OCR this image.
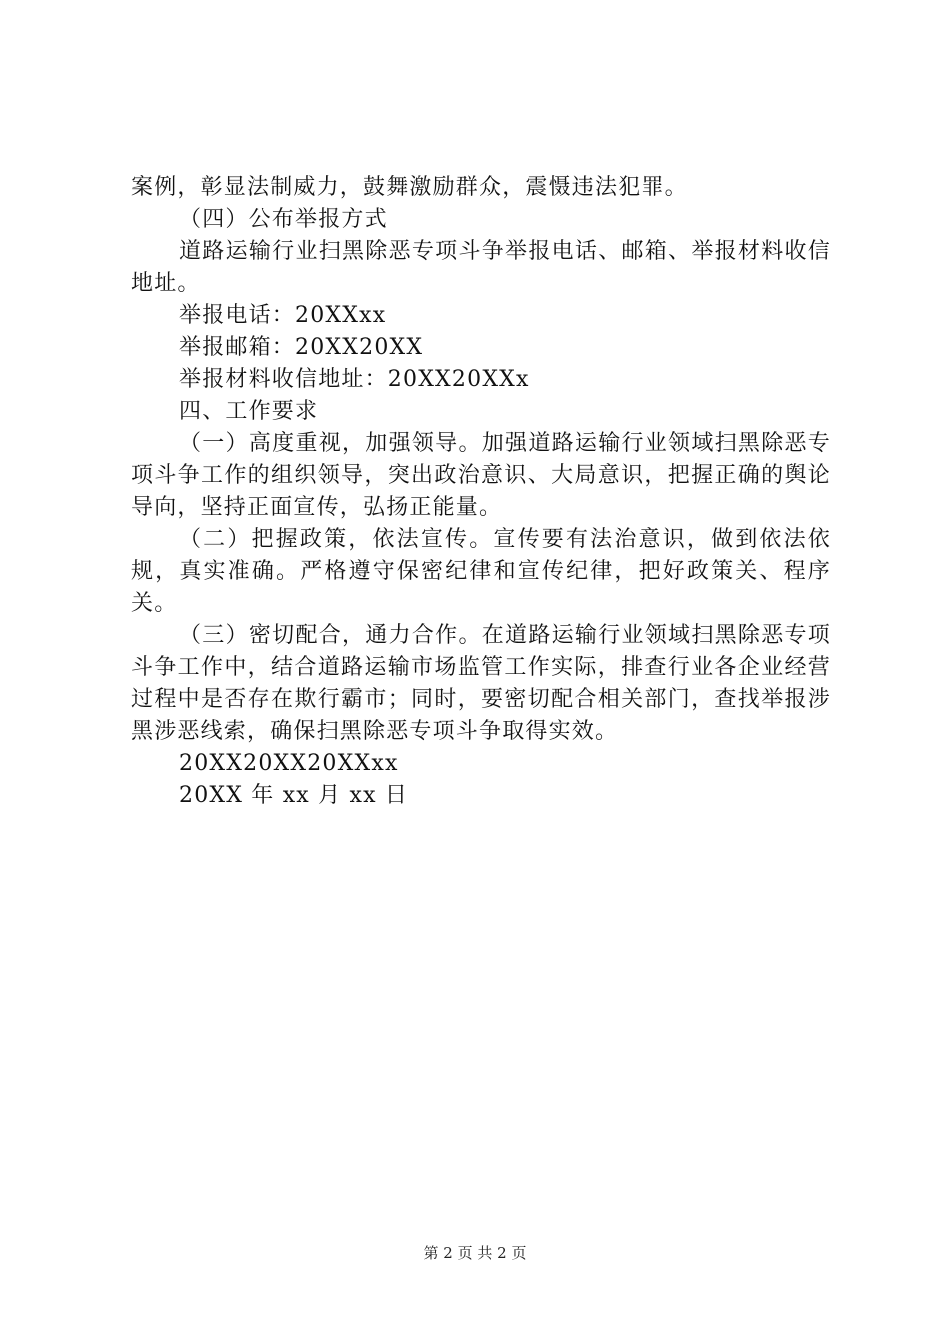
案例，彰显法制威力，鼓舞激励群众，震慑违法犯罪。

（四）公布举报方式

道路运输行业扫黑除恶专项斗争举报电话、邮箱、举报材料收信地址。

举报电话：20XXxx

举报邮箱：20XX20XX

举报材料收信地址：20XX20XXx

四、工作要求

（一）高度重视，加强领导。加强道路运输行业领域扫黑除恶专项斗争工作的组织领导，突出政治意识、大局意识，把握正确的舆论导向，坚持正面宣传，弘扬正能量。

（二）把握政策，依法宣传。宣传要有法治意识，做到依法依规，真实准确。严格遵守保密纪律和宣传纪律，把好政策关、程序关。

（三）密切配合，通力合作。在道路运输行业领域扫黑除恶专项斗争工作中，结合道路运输市场监管工作实际，排查行业各企业经营过程中是否存在欺行霸市；同时，要密切配合相关部门，查找举报涉黑涉恶线索，确保扫黑除恶专项斗争取得实效。

20XX20XX20XXxx

20XX 年 xx 月 xx 日

第 2 页 共 2 页
